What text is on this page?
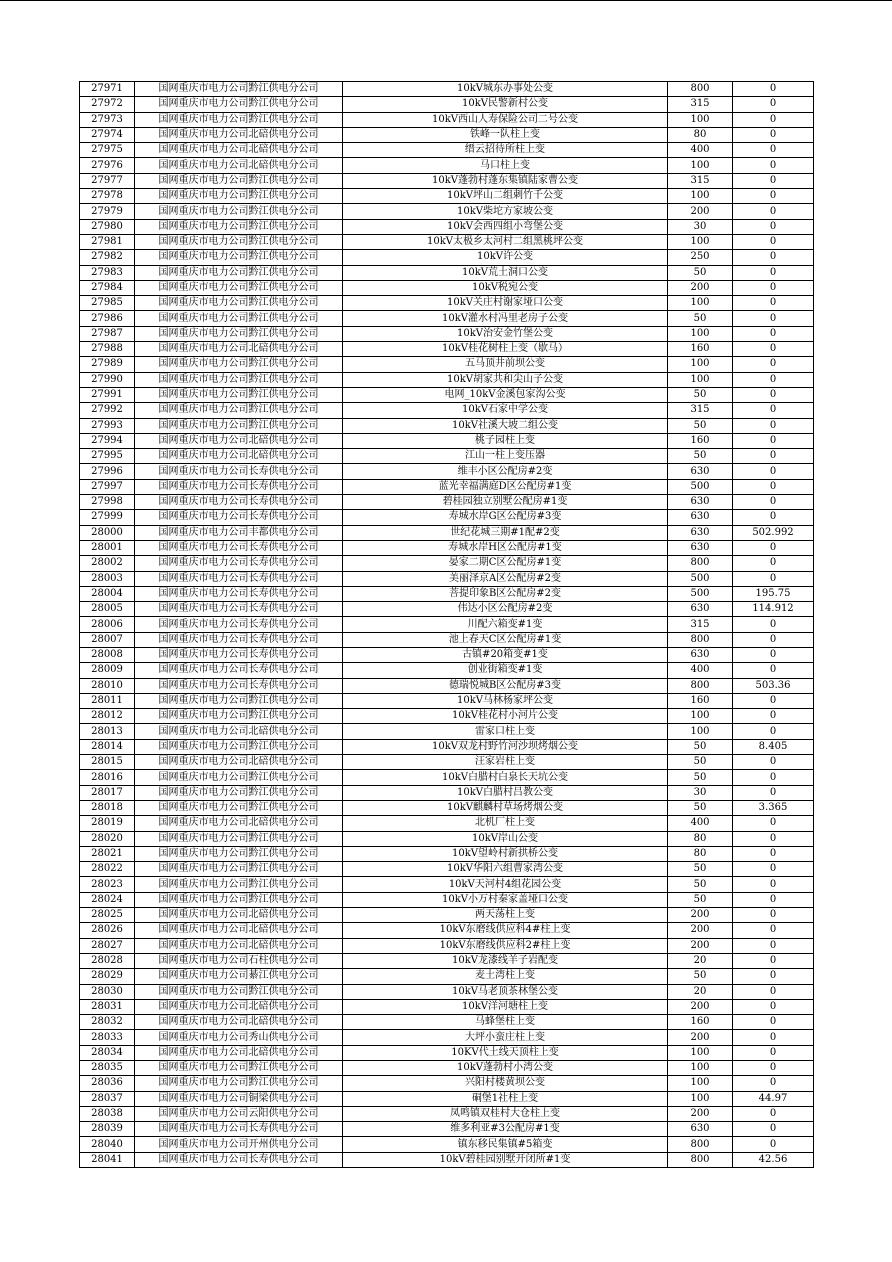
27971	国网重庆市电力公司黔江供电分公司	10kV城东办事处公变	800	0
27972	国网重庆市电力公司黔江供电分公司	10kV民警新村公变	315	0
27973	国网重庆市电力公司黔江供电分公司	10kV西山人寿保险公司二号公变	100	0
27974	国网重庆市电力公司北碚供电分公司	铁峰一队柱上变	80	0
27975	国网重庆市电力公司北碚供电分公司	缙云招待所柱上变	400	0
27976	国网重庆市电力公司北碚供电分公司	马口柱上变	100	0
27977	国网重庆市电力公司黔江供电分公司	10kV蓬勃村蓬东集镇陆家曹公变	315	0
27978	国网重庆市电力公司黔江供电分公司	10kV坪山二组刺竹千公变	100	0
27979	国网重庆市电力公司黔江供电分公司	10kV柴坨方家坡公变	200	0
27980	国网重庆市电力公司黔江供电分公司	10kV会西四组小弯堡公变	30	0
27981	国网重庆市电力公司黔江供电分公司	10kV太极乡太河村二组黑桃坪公变	100	0
27982	国网重庆市电力公司黔江供电分公司	10kV许公变	250	0
27983	国网重庆市电力公司黔江供电分公司	10kV荒土洞口公变	50	0
27984	国网重庆市电力公司黔江供电分公司	10kV税宛公变	200	0
27985	国网重庆市电力公司黔江供电分公司	10kV关庄村谢家垭口公变	100	0
27986	国网重庆市电力公司黔江供电分公司	10kV灌水村冯里老房子公变	50	0
27987	国网重庆市电力公司黔江供电分公司	10kV治安金竹堡公变	100	0
27988	国网重庆市电力公司北碚供电分公司	10kV桂花树柱上变（歇马）	160	0
27989	国网重庆市电力公司黔江供电分公司	五马顶井前坝公变	100	0
27990	国网重庆市电力公司黔江供电分公司	10kV胡家共和尖山子公变	100	0
27991	国网重庆市电力公司黔江供电分公司	电网_10kV金溪包家沟公变	50	0
27992	国网重庆市电力公司黔江供电分公司	10kV石家中学公变	315	0
27993	国网重庆市电力公司黔江供电分公司	10kV社溪大坡二组公变	50	0
27994	国网重庆市电力公司北碚供电分公司	桃子园柱上变	160	0
27995	国网重庆市电力公司北碚供电分公司	江山一柱上变压器	50	0
27996	国网重庆市电力公司长寿供电分公司	维丰小区公配房#2变	630	0
27997	国网重庆市电力公司长寿供电分公司	蓝光幸福满庭D区公配房#1变	500	0
27998	国网重庆市电力公司长寿供电分公司	碧桂园独立别墅公配房#1变	630	0
27999	国网重庆市电力公司长寿供电分公司	寿城水岸G区公配房#3变	630	0
28000	国网重庆市电力公司丰都供电分公司	世纪花城三期#1配#2变	630	502.992
28001	国网重庆市电力公司长寿供电分公司	寿城水岸H区公配房#1变	630	0
28002	国网重庆市电力公司长寿供电分公司	晏家二期C区公配房#1变	800	0
28003	国网重庆市电力公司长寿供电分公司	美丽泽京A区公配房#2变	500	0
28004	国网重庆市电力公司长寿供电分公司	菩提印象B区公配房#2变	500	195.75
28005	国网重庆市电力公司长寿供电分公司	伟达小区公配房#2变	630	114.912
28006	国网重庆市电力公司长寿供电分公司	川配六箱变#1变	315	0
28007	国网重庆市电力公司长寿供电分公司	池上春天C区公配房#1变	800	0
28008	国网重庆市电力公司长寿供电分公司	古镇#20箱变#1变	630	0
28009	国网重庆市电力公司长寿供电分公司	创业街箱变#1变	400	0
28010	国网重庆市电力公司长寿供电分公司	德瑞悦城B区公配房#3变	800	503.36
28011	国网重庆市电力公司黔江供电分公司	10kV马林杨家坪公变	160	0
28012	国网重庆市电力公司黔江供电分公司	10kV桂花村小河片公变	100	0
28013	国网重庆市电力公司北碚供电分公司	雷家口柱上变	100	0
28014	国网重庆市电力公司黔江供电分公司	10kV双龙村野竹河沙坝烤烟公变	50	8.405
28015	国网重庆市电力公司北碚供电分公司	汪家岩柱上变	50	0
28016	国网重庆市电力公司黔江供电分公司	10kV白腊村白泉长天坑公变	50	0
28017	国网重庆市电力公司黔江供电分公司	10kV白腊村吕教公变	30	0
28018	国网重庆市电力公司黔江供电分公司	10kV麒麟村草场烤烟公变	50	3.365
28019	国网重庆市电力公司北碚供电分公司	北机厂柱上变	400	0
28020	国网重庆市电力公司黔江供电分公司	10kV岸山公变	80	0
28021	国网重庆市电力公司黔江供电分公司	10kV望岭村新拱桥公变	80	0
28022	国网重庆市电力公司黔江供电分公司	10kV华阳六组曹家湾公变	50	0
28023	国网重庆市电力公司黔江供电分公司	10kV天河村4组花园公变	50	0
28024	国网重庆市电力公司黔江供电分公司	10kV小万村秦家盖垭口公变	50	0
28025	国网重庆市电力公司北碚供电分公司	两天荡柱上变	200	0
28026	国网重庆市电力公司北碚供电分公司	10kV东磨线供应科4#柱上变	200	0
28027	国网重庆市电力公司北碚供电分公司	10kV东磨线供应科2#柱上变	200	0
28028	国网重庆市电力公司石柱供电分公司	10kV龙漆线羊子岩配变	20	0
28029	国网重庆市电力公司綦江供电分公司	麦土湾柱上变	50	0
28030	国网重庆市电力公司黔江供电分公司	10kV马老顶茶林堡公变	20	0
28031	国网重庆市电力公司北碚供电分公司	10kV洋河塘柱上变	200	0
28032	国网重庆市电力公司北碚供电分公司	马蜂堡柱上变	160	0
28033	国网重庆市电力公司秀山供电分公司	大坪小蛮庄柱上变	200	0
28034	国网重庆市电力公司北碚供电分公司	10KV代土线天顶柱上变	100	0
28035	国网重庆市电力公司黔江供电分公司	10kV蓬勃村小湾公变	100	0
28036	国网重庆市电力公司黔江供电分公司	兴阳村楼黄坝公变	100	0
28037	国网重庆市电力公司铜梁供电分公司	硐堡1社柱上变	100	44.97
28038	国网重庆市电力公司云阳供电分公司	凤鸣镇双桂村大仓柱上变	200	0
28039	国网重庆市电力公司长寿供电分公司	维多利亚#3公配房#1变	630	0
28040	国网重庆市电力公司开州供电分公司	镇东移民集镇#5箱变	800	0
28041	国网重庆市电力公司长寿供电分公司	10kV碧桂园别墅开闭所#1变	800	42.56
